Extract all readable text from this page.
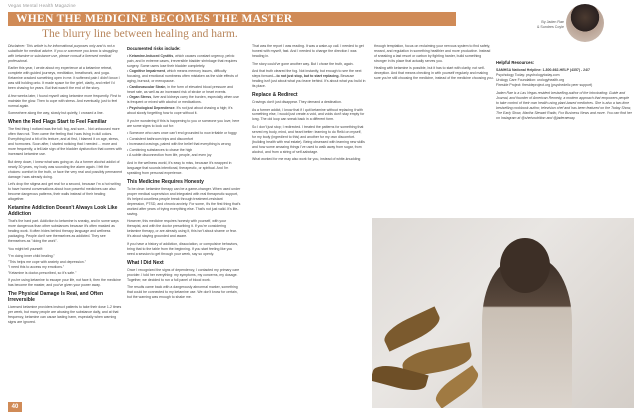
Vegas Mental Health Magazine
WHEN THE MEDICINE BECOMES THE MASTER
The blurry line between healing and harm.
By Jaden Rae
& Sundres Coyle

Disclaimer: This article is for informational purposes only and is not a substitute for medical advice. If you or someone you know is struggling with ketamine or substance use, please consult a licensed medical professional.

Earlier this year, I wrote about my experience at a ketamine retreat, complete with guided journeys, meditation, breathwork, and yoga. Ketamine cracked something open in me. It softened pain I didn't know I was still holding onto. It made space for the grief, clarity, and relief I'd been chasing for years. But that wasn't the end of the story.

A few weeks later, I found myself using ketamine more frequently. First to maintain the glow. Then to cope with stress. And eventually, just to feel normal again.

Somewhere along the way, slowly but quietly, I crossed a line.

When the Red Flags Start to Feel Familiar

The first thing I noticed was the toll: fog, and sore... Not unfocused more often than not. Then came the feeling that I was living in dull colors. Everything lost a bit of its texture, and at first, I blamed it on age, stress, and hormones. Soon after, I started noticing that I needed ... more and more frequently, a tell-tale sign of the bladder dysfunction that comes with increased ketamine use.

But deep down, I knew what was going on. As a former alcohol addict of nearly 30 years, my body was sounding the alarm again. I felt the choices: comfort in the truth, or face the very real and possibly permanent damage I was already doing.

Let's drop the stigma and get real for a second, because I'm a hot writing to have honest conversations about how powerful medicines can also become dangerous patterns, their walls instead of their healing altogether.

Ketamine Addiction Doesn't Always Look Like Addiction

That's the hard part. Addiction to ketamine is sneaky, and in some ways more dangerous than other substances because it's often masked as healing work. It often hides behind therapy language and wellness packaging. People don't see themselves as addicted. They see themselves as "doing the work".

You might tell yourself:

"I'm doing inner child healing."
"This helps me cope with anxiety and depression."
"I need this to access my emotions."
"Ketamine is doctor-prescribed, so it's safe."

If you're using ketamine to escape your life, not face it, then the medicine has become the master, and you've given your power away.

The Physical Damage Is Real, and Often Irreversible

Licensed ketamine providers instruct patients to take their dose 1-2 times per week, but many people are abusing the substance daily, and at that frequency, ketamine can cause lasting harm, especially when warning signs are ignored.

Documented risks include:
• Ketamine-Induced Cystitis, which causes constant urgency, pelvic pain, and in extreme cases, irreversible bladder shrinkage that requires surgery. Some users lose their bladder completely.
• Cognitive Impairment, which means memory issues, difficulty focusing, and emotional numbness often mistaken as the side effects of aging, burnout, or menopause.
• Cardiovascular Strain, in the form of elevated blood pressure and heart rate, as well as an increased risk of stroke or heart events.
• Organ Stress, liver and kidneys carry the burden, especially when use is frequent or mixed with alcohol or medications.
• Psychological Dependence. It's not just about chasing a high; it's about slowly forgetting how to cope without it.

If you're wondering if this is happening to you or someone you love, here are some signs to look out for:

• Someone who uses once can't end grounded to now irritable or foggy
• Consistent bathroom trips and discomfort
• Increased cravings, paired with the belief that everything is wrong
• Combining substances to chase the high
• A subtle disconnection from life, people, and even joy

And in the wellness world, it's easy to miss, because it's wrapped in language that sounds intentional, therapeutic, or spiritual. And I'm speaking from personal experience.

This Medicine Requires Honesty

To be clear: ketamine therapy can be a game-changer. When used under proper medical supervision and integrated with real therapeutic support, it's helped countless people break through treatment-resistant depression, PTSD, and chronic anxiety. For some, it's the first thing that's worked after years of trying everything else. That's not just valid. It's life-saving.

However, this medicine requires honesty with yourself, with your therapist, and with the doctor prescribing it. If you're considering ketamine therapy, or are already using it, this isn't about shame or fear. It's about staying grounded and aware.

If you have a history of addiction, dissociation, or compulsive behaviors, bring that to the table from the beginning. If you start feeling like you need a session to get through your week, say so openly.

What I Did Next

Once I recognized the signs of dependency, I contacted my primary care provider. I told her everything: my symptoms, my concerns, my dosage. Together, we decided to run a full panel of blood work.

The results came back with a dangerously abnormal marker, something that could be connected to my ketamine use. We don't know for certain, but the warning was enough to shake me.

That was the report I was reading. It was a wake-up call. I needed to get honest with myself, fast. And I needed to change the direction I was heading in.

The story could've gone another way. But I chose the truth, again.

And that truth cleared the fog. Not instantly, but enough to see the next steps forward—to not just stop, but to start replacing. Because healing isn't just about what you leave behind. It's about what you build in its place.

Replace & Redirect

Cravings don't just disappear. They demand a destination.

As a former addict, I know that if I quit ketamine without replacing it with something else, I would just create a void, and voids don't stay empty for long. The old loop can sneak back in a different form.

So I don't just stop; I redirected. I treated the patterns for something that served my body, mind, and heart better: learning to do Reiki on myself, for my body (ingredient to this) and another for my own discomfort. (building health with real estate). Being obsessed with learning new skills and how some amazing things I've used to walk away from sugar, from alcohol, and from a string of self-sabotage.

What worked for me may also work for you, instead of white-knuckling

through temptation, focus on reclaiming your nervous system to find safety, reward, and regulation in something healthier and more productive. Instead of sneaking a last resort or carbon by fighting harder, build something stronger in its place that actually serves you.

Healing with ketamine is possible, but it has to start with clarity, not self-deception. And that means checking in with yourself regularly and making sure you're still choosing the medicine, instead of the medicine choosing you.

Helpful Resources:
SAMHSA National Helpline: 1-800-662-HELP (4357) - 24/7
Psychology Today: psychologytoday.com
Urology Care Foundation: urologyhealth.org
Fireside Project: firesideproject.org (psychedelic peer support)

Jaden Rae is a Las Vegas resident bestselling author of the Intoxicating: Guide and Journal, and founder of American Remedy, a modern approach that empowers people to take control of their own health using plant-based medicines. She is also a two-time bestselling cookbook author, television chef and has been featured on the Today Show, The Early Show, Martha Stewart Radio, Fox Business News and more. You can find her on Instagram at @sheisnutrition and @jaderaeway.

40
